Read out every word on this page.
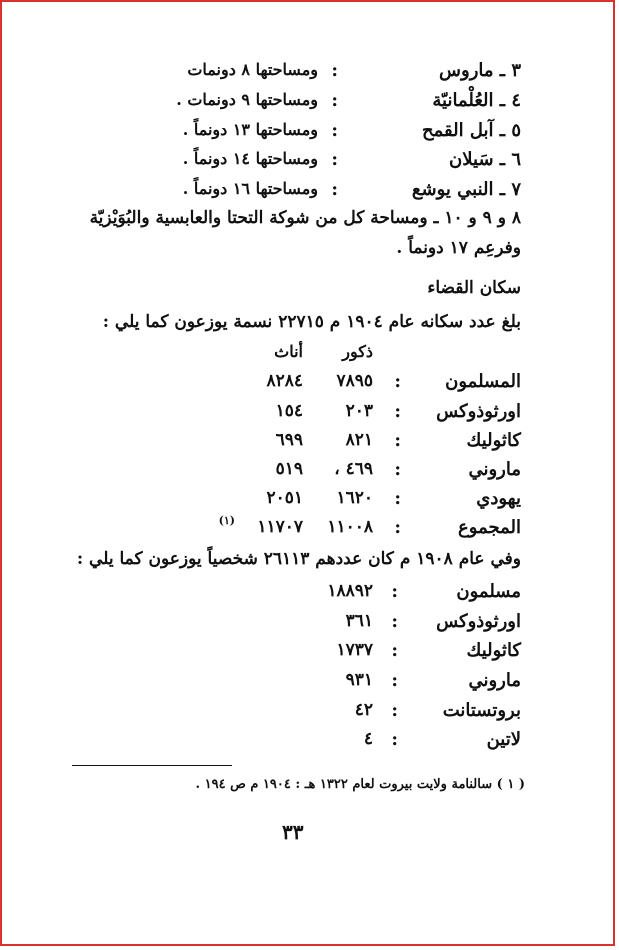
٣ ـ ماروس
:
ومساحتها ٨ دونمات
٤ ـ العُلْمانيّة
:
ومساحتها ٩ دونمات .
٥ ـ آبل القمح
:
ومساحتها ١٣ دونماً .
٦ ـ سَيلان
:
ومساحتها ١٤ دونماً .
٧ ـ النبي يوشع
:
ومساحتها ١٦ دونماً .
٨ و ٩ و ١٠ ـ ومساحة كل من شوكة التحتا والعابسية والبُوَيْزيّة
وفرعِم ١٧ دونماً .
سكان القضاء
بلغ عدد سكانه عام ١٩٠٤ م ٢٢٧١٥ نسمة يوزعون كما يلي :
ذكور
أناث
المسلمون
:
٧٨٩٥
٨٢٨٤
اورثوذوكس
:
٢٠٣
١٥٤
كاثوليك
:
٨٢١
٦٩٩
ماروني
:
٤٦٩ ،
٥١٩
يهودي
:
١٦٢٠
٢٠٥١
المجموع
:
١١٠٠٨
١١٧٠٧
(١)
وفي عام ١٩٠٨ م كان عددهم ٢٦١١٣ شخصياً يوزعون كما يلي :
مسلمون
:
١٨٨٩٢
اورثوذوكس
:
٣٦١
كاثوليك
:
١٧٣٧
ماروني
:
٩٣١
بروتستانت
:
٤٢
لاتين
:
٤
( ١ ) سالنامة ولايت بيروت لعام ١٣٢٢ هـ : ١٩٠٤ م ص ١٩٤ .
٣٣
